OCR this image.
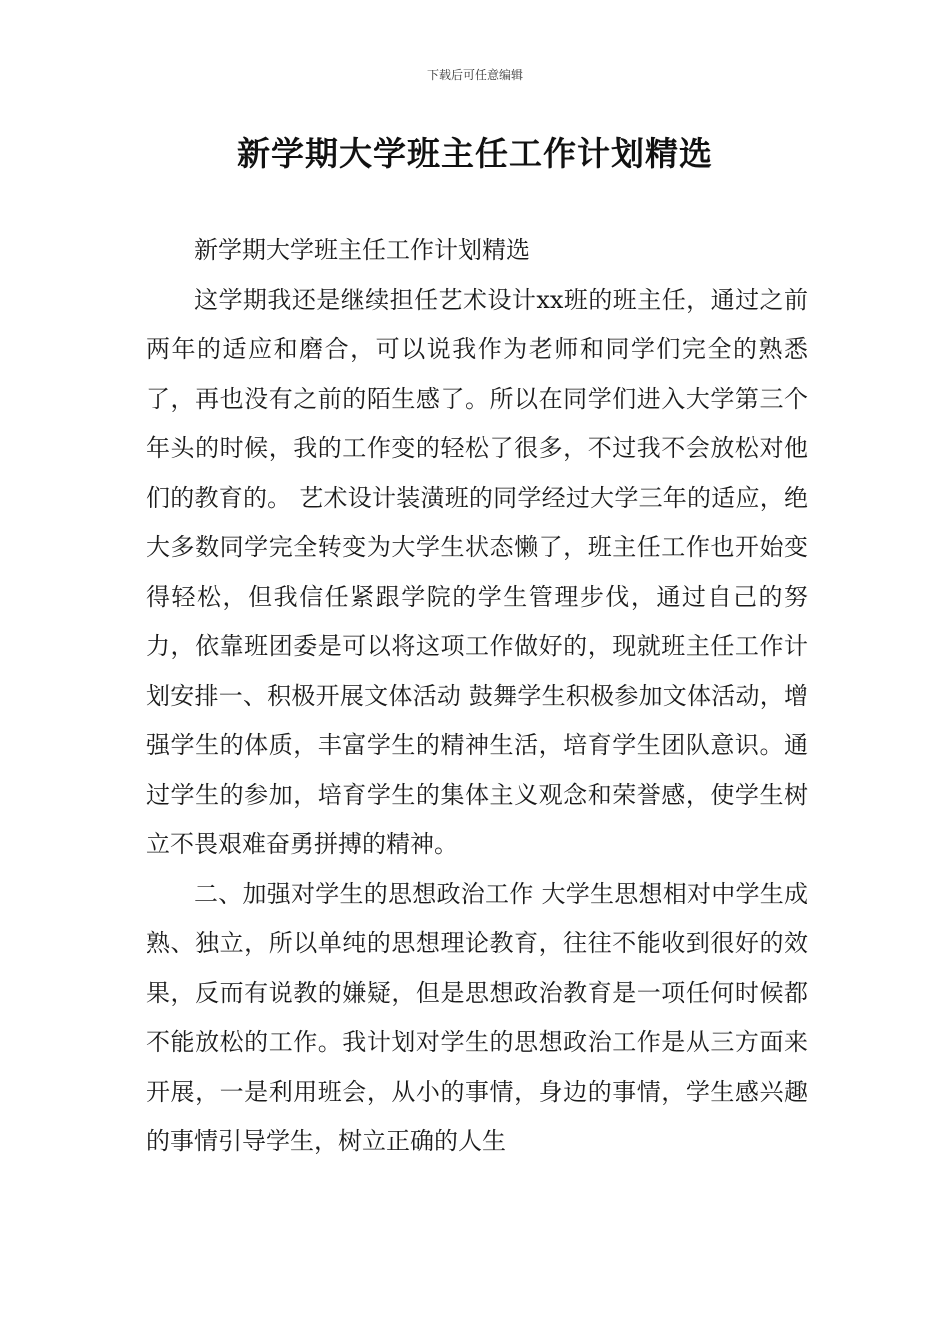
下载后可任意编辑
新学期大学班主任工作计划精选

新学期大学班主任工作计划精选

这学期我还是继续担任艺术设计xx班的班主任，通过之前两年的适应和磨合，可以说我作为老师和同学们完全的熟悉了，再也没有之前的陌生感了。所以在同学们进入大学第三个年头的时候，我的工作变的轻松了很多，不过我不会放松对他们的教育的。 艺术设计装潢班的同学经过大学三年的适应，绝大多数同学完全转变为大学生状态懒了，班主任工作也开始变得轻松，但我信任紧跟学院的学生管理步伐，通过自己的努力，依靠班团委是可以将这项工作做好的，现就班主任工作计划安排一、积极开展文体活动 鼓舞学生积极参加文体活动，增强学生的体质，丰富学生的精神生活，培育学生团队意识。通过学生的参加，培育学生的集体主义观念和荣誉感，使学生树立不畏艰难奋勇拼搏的精神。

二、加强对学生的思想政治工作 大学生思想相对中学生成熟、独立，所以单纯的思想理论教育，往往不能收到很好的效果，反而有说教的嫌疑，但是思想政治教育是一项任何时候都不能放松的工作。我计划对学生的思想政治工作是从三方面来开展，一是利用班会，从小的事情，身边的事情，学生感兴趣的事情引导学生，树立正确的人生
